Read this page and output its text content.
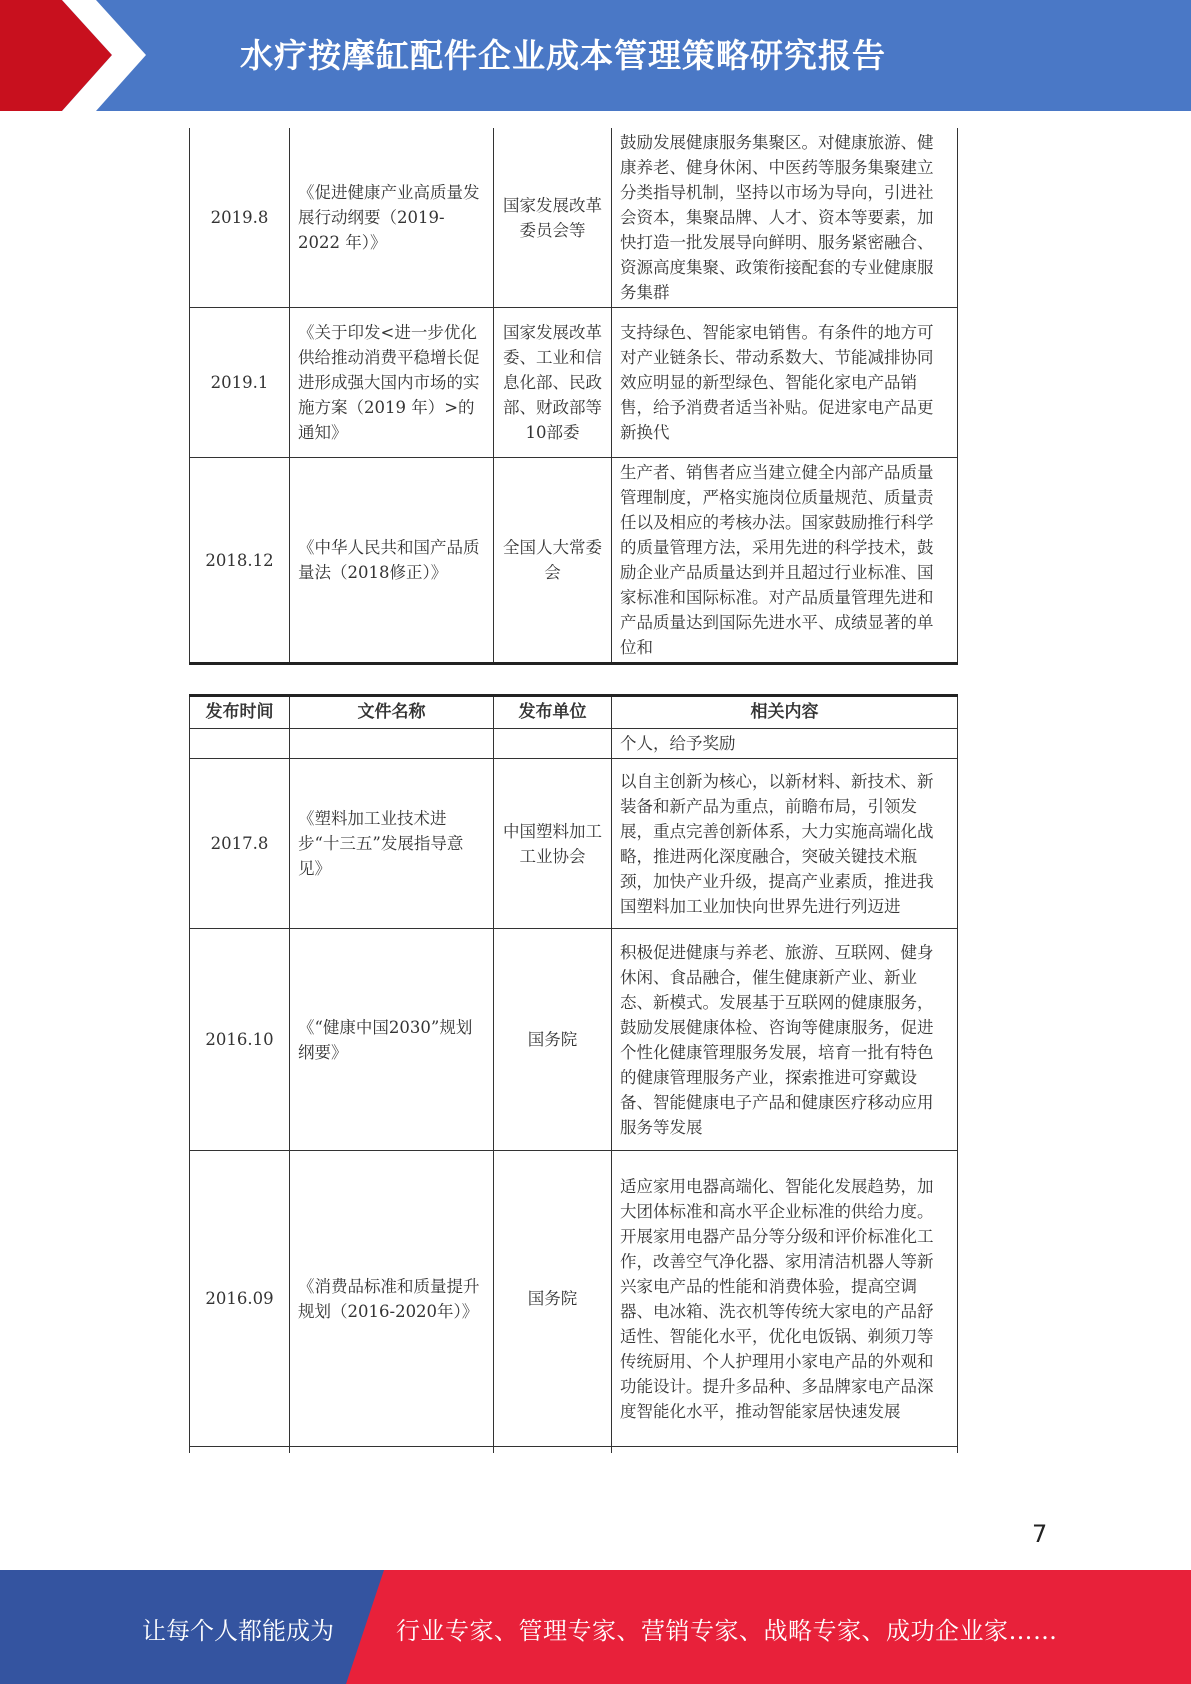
水疗按摩缸配件企业成本管理策略研究报告
2019.8	《促进健康产业高质量发展行动纲要（2019-2022 年）》	国家发展改革委员会等	鼓励发展健康服务集聚区。对健康旅游、健康养老、健身休闲、中医药等服务集聚建立分类指导机制，坚持以市场为导向，引进社会资本，集聚品牌、人才、资本等要素，加快打造一批发展导向鲜明、服务紧密融合、资源高度集聚、政策衔接配套的专业健康服务集群
2019.1	《关于印发<进一步优化供给推动消费平稳增长促进形成强大国内市场的实施方案（2019 年）>的通知》	国家发展改革委、工业和信息化部、民政部、财政部等10部委	支持绿色、智能家电销售。有条件的地方可对产业链条长、带动系数大、节能减排协同效应明显的新型绿色、智能化家电产品销售，给予消费者适当补贴。促进家电产品更新换代
2018.12	《中华人民共和国产品质量法（2018修正）》	全国人大常委会	生产者、销售者应当建立健全内部产品质量管理制度，严格实施岗位质量规范、质量责任以及相应的考核办法。国家鼓励推行科学的质量管理方法，采用先进的科学技术，鼓励企业产品质量达到并且超过行业标准、国家标准和国际标准。对产品质量管理先进和产品质量达到国际先进水平、成绩显著的单位和
发布时间	文件名称	发布单位	相关内容
			个人，给予奖励
2017.8	《塑料加工业技术进步“十三五”发展指导意见》	中国塑料加工工业协会	以自主创新为核心，以新材料、新技术、新装备和新产品为重点，前瞻布局，引领发展，重点完善创新体系，大力实施高端化战略，推进两化深度融合，突破关键技术瓶颈，加快产业升级，提高产业素质，推进我国塑料加工业加快向世界先进行列迈进
2016.10	《“健康中国2030”规划纲要》	国务院	积极促进健康与养老、旅游、互联网、健身休闲、食品融合，催生健康新产业、新业态、新模式。发展基于互联网的健康服务，鼓励发展健康体检、咨询等健康服务，促进个性化健康管理服务发展，培育一批有特色的健康管理服务产业，探索推进可穿戴设备、智能健康电子产品和健康医疗移动应用服务等发展
2016.09	《消费品标准和质量提升规划（2016-2020年）》	国务院	适应家用电器高端化、智能化发展趋势，加大团体标准和高水平企业标准的供给力度。开展家用电器产品分等分级和评价标准化工作，改善空气净化器、家用清洁机器人等新兴家电产品的性能和消费体验，提高空调器、电冰箱、洗衣机等传统大家电的产品舒适性、智能化水平，优化电饭锅、剃须刀等传统厨用、个人护理用小家电产品的外观和功能设计。提升多品种、多品牌家电产品深度智能化水平，推动智能家居快速发展

7
让每个人都能成为	行业专家、管理专家、营销专家、战略专家、成功企业家……
